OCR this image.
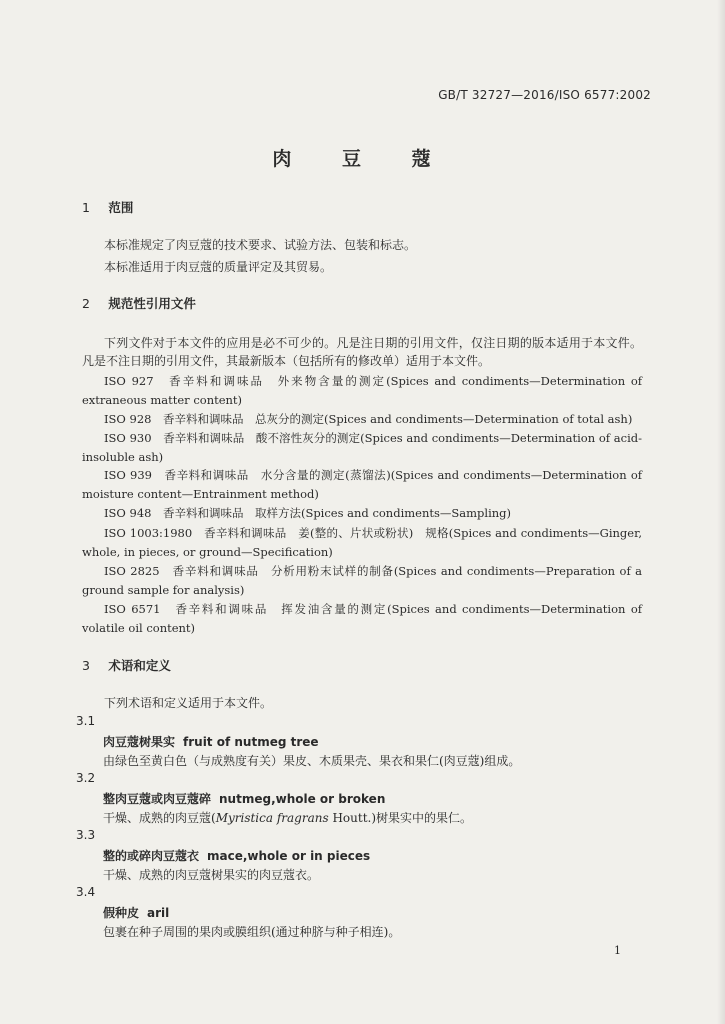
GB/T 32727—2016/ISO 6577:2002
肉 豆 蔻
1 范围
本标准规定了肉豆蔻的技术要求、试验方法、包装和标志。
本标准适用于肉豆蔻的质量评定及其贸易。
2 规范性引用文件
下列文件对于本文件的应用是必不可少的。凡是注日期的引用文件，仅注日期的版本适用于本文件。凡是不注日期的引用文件，其最新版本（包括所有的修改单）适用于本文件。
ISO 927　香辛料和调味品　外来物含量的测定(Spices and condiments—Determination of extraneous matter content)
ISO 928　香辛料和调味品　总灰分的测定(Spices and condiments—Determination of total ash)
ISO 930　香辛料和调味品　酸不溶性灰分的测定(Spices and condiments—Determination of acid-insoluble ash)
ISO 939　香辛料和调味品　水分含量的测定(蒸馏法)(Spices and condiments—Determination of moisture content—Entrainment method)
ISO 948　香辛料和调味品　取样方法(Spices and condiments—Sampling)
ISO 1003:1980　香辛料和调味品　姜(整的、片状或粉状)　规格(Spices and condiments—Ginger, whole, in pieces, or ground—Specification)
ISO 2825　香辛料和调味品　分析用粉末试样的制备(Spices and condiments—Preparation of a ground sample for analysis)
ISO 6571　香辛料和调味品　挥发油含量的测定(Spices and condiments—Determination of volatile oil content)
3 术语和定义
下列术语和定义适用于本文件。
3.1
肉豆蔻树果实 fruit of nutmeg tree
由绿色至黄白色（与成熟度有关）果皮、木质果壳、果衣和果仁(肉豆蔻)组成。
3.2
整肉豆蔻或肉豆蔻碎 nutmeg,whole or broken
干燥、成熟的肉豆蔻(Myristica fragrans Houtt.)树果实中的果仁。
3.3
整的或碎肉豆蔻衣 mace,whole or in pieces
干燥、成熟的肉豆蔻树果实的肉豆蔻衣。
3.4
假种皮 aril
包裹在种子周围的果肉或膜组织(通过种脐与种子相连)。
1
